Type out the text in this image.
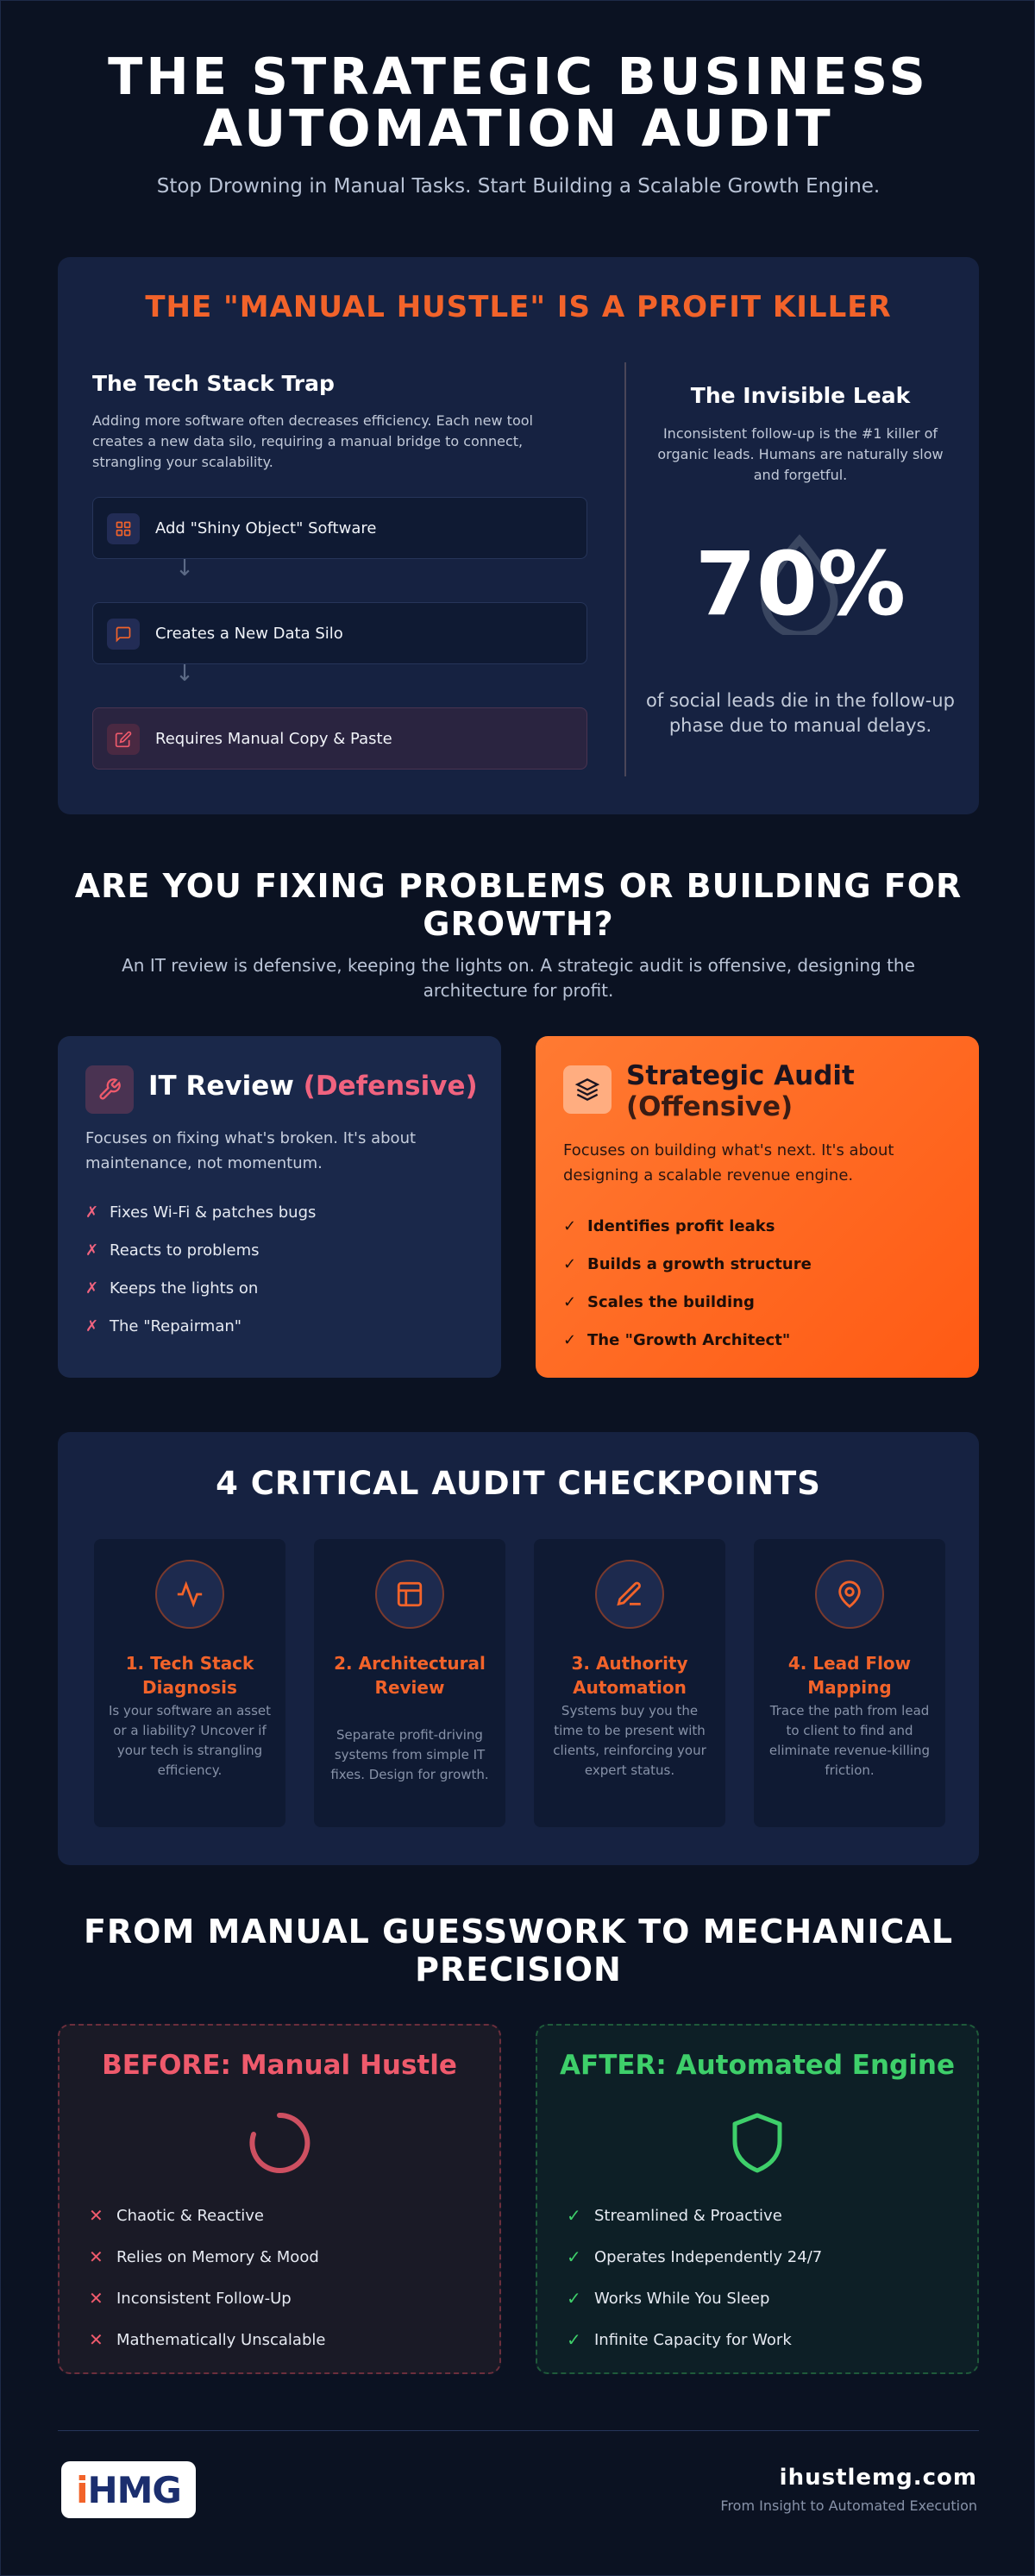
THE STRATEGIC BUSINESS
AUTOMATION AUDIT
Stop Drowning in Manual Tasks. Start Building a Scalable Growth Engine.
THE "MANUAL HUSTLE" IS A PROFIT KILLER
The Tech Stack Trap
Adding more software often decreases efficiency. Each new tool creates a new data silo, requiring a manual bridge to connect, strangling your scalability.
Add "Shiny Object" Software
↓
Creates a New Data Silo
↓
Requires Manual Copy & Paste
The Invisible Leak
Inconsistent follow-up is the #1 killer of organic leads. Humans are naturally slow and forgetful.
70%
of social leads die in the follow-up phase due to manual delays.
ARE YOU FIXING PROBLEMS OR BUILDING FOR GROWTH?
An IT review is defensive, keeping the lights on. A strategic audit is offensive, designing the architecture for profit.
IT Review (Defensive)
Focuses on fixing what's broken. It's about maintenance, not momentum.
✗ Fixes Wi-Fi & patches bugs
✗ Reacts to problems
✗ Keeps the lights on
✗ The "Repairman"
Strategic Audit
(Offensive)
Focuses on building what's next. It's about designing a scalable revenue engine.
✓ Identifies profit leaks
✓ Builds a growth structure
✓ Scales the building
✓ The "Growth Architect"
4 CRITICAL AUDIT CHECKPOINTS
1. Tech Stack Diagnosis
Is your software an asset or a liability? Uncover if your tech is strangling efficiency.
2. Architectural Review
Separate profit-driving systems from simple IT fixes. Design for growth.
3. Authority Automation
Systems buy you the time to be present with clients, reinforcing your expert status.
4. Lead Flow Mapping
Trace the path from lead to client to find and eliminate revenue-killing friction.
FROM MANUAL GUESSWORK TO MECHANICAL PRECISION
BEFORE: Manual Hustle
✕ Chaotic & Reactive
✕ Relies on Memory & Mood
✕ Inconsistent Follow-Up
✕ Mathematically Unscalable
AFTER: Automated Engine
✓ Streamlined & Proactive
✓ Operates Independently 24/7
✓ Works While You Sleep
✓ Infinite Capacity for Work
i HMG	ihustlemg.com
From Insight to Automated Execution
